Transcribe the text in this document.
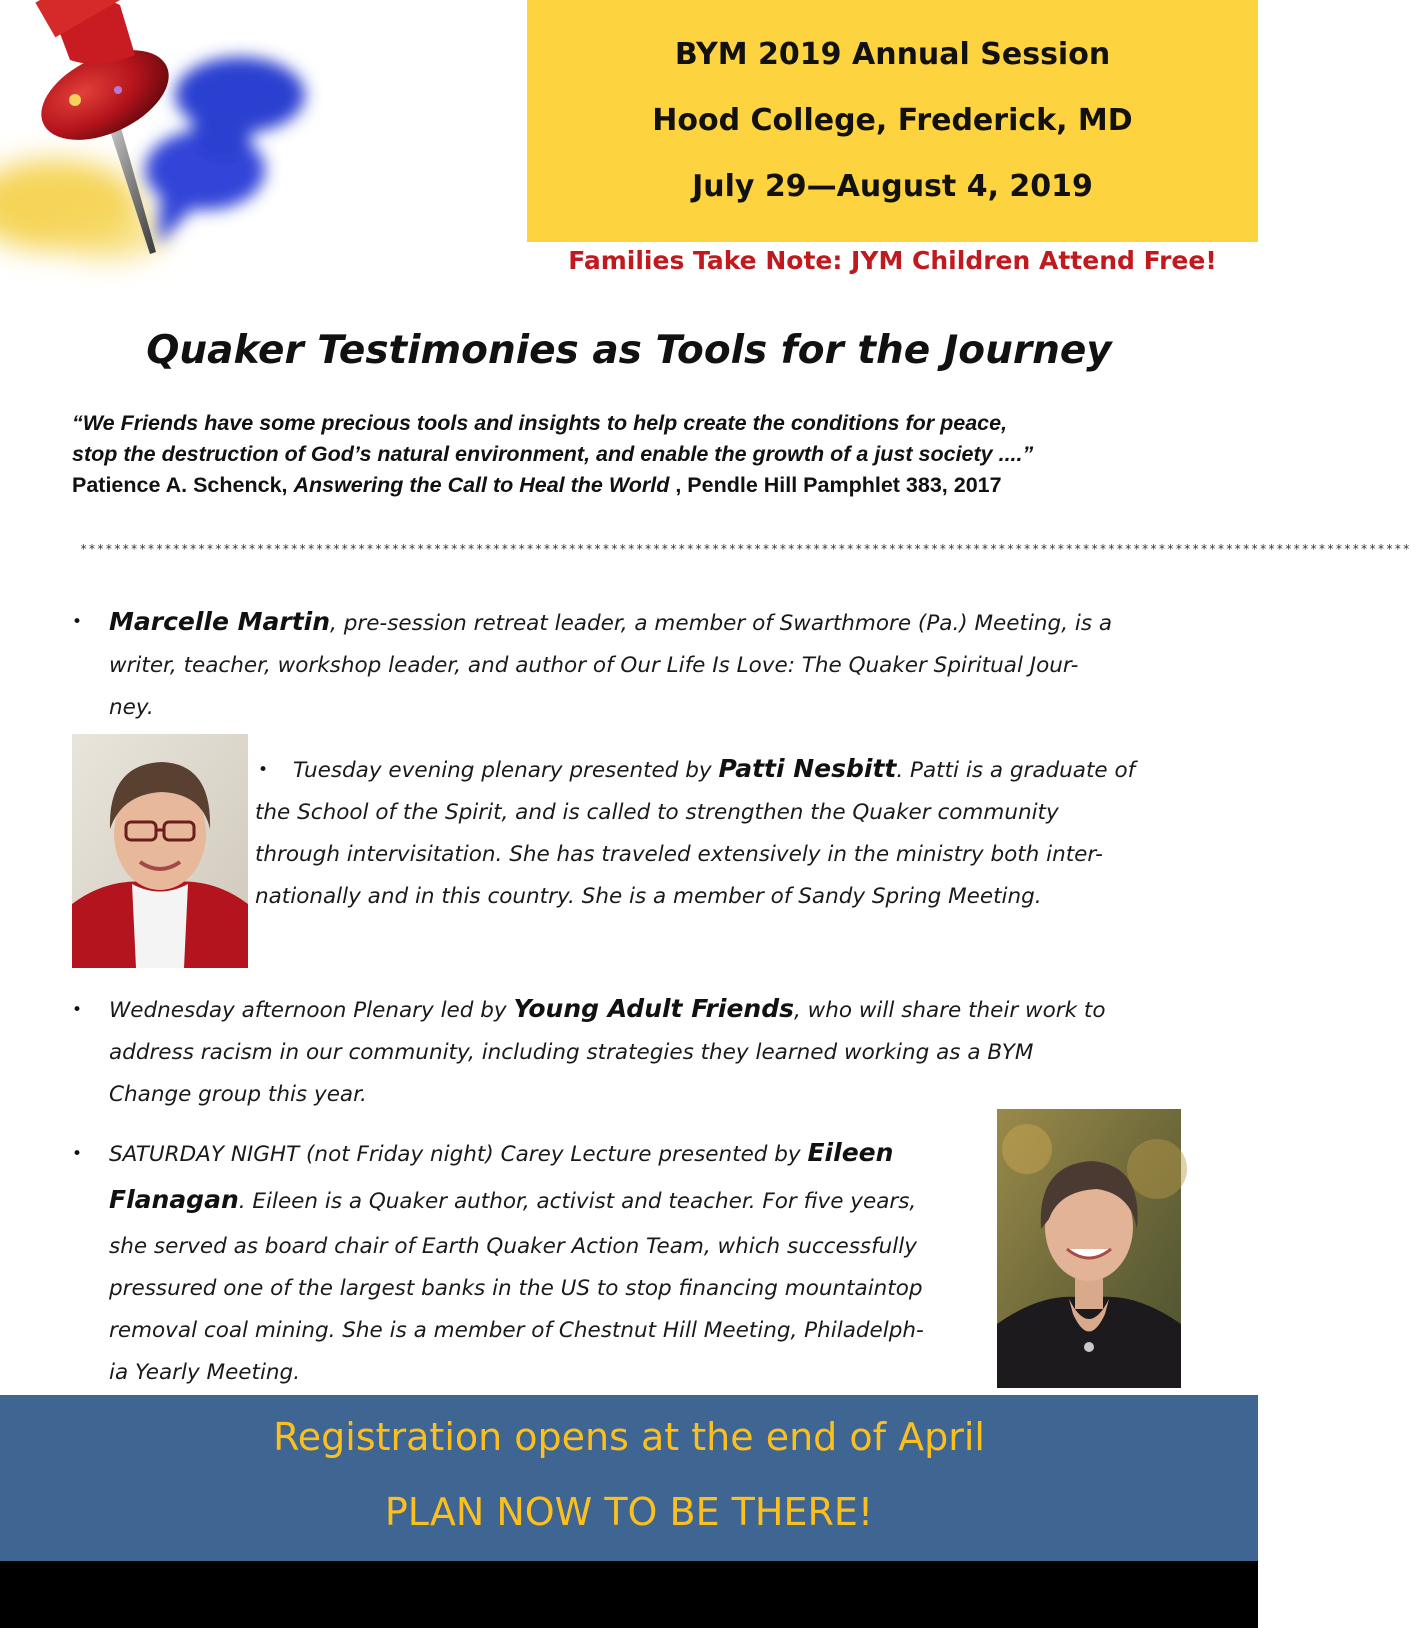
BYM 2019 Annual Session
Hood College, Frederick, MD
July 29—August 4, 2019
Families Take Note: JYM Children Attend Free!
Quaker Testimonies as Tools for the Journey
“We Friends have some precious tools and insights to help create the conditions for peace,
stop the destruction of God’s natural environment, and enable the growth of a just society ....”
Patience A. Schenck, Answering the Call to Heal the World , Pendle Hill Pamphlet 383, 2017
**************************************************************************************************************************************************************
• Marcelle Martin, pre-session retreat leader, a member of Swarthmore (Pa.) Meeting, is a
writer, teacher, workshop leader, and author of Our Life Is Love: The Quaker Spiritual Jour-
ney.
•	Tuesday evening plenary presented by Patti Nesbitt. Patti is a graduate of
the School of the Spirit, and is called to strengthen the Quaker community
through intervisitation. She has traveled extensively in the ministry both inter-
nationally and in this country. She is a member of Sandy Spring Meeting.
• Wednesday afternoon Plenary led by Young Adult Friends, who will share their work to
address racism in our community, including strategies they learned working as a BYM
Change group this year.
• SATURDAY NIGHT (not Friday night) Carey Lecture presented by Eileen
Flanagan. Eileen is a Quaker author, activist and teacher. For five years,
she served as board chair of Earth Quaker Action Team, which successfully
pressured one of the largest banks in the US to stop financing mountaintop
removal coal mining. She is a member of Chestnut Hill Meeting, Philadelph-
ia Yearly Meeting.
Registration opens at the end of April
PLAN NOW TO BE THERE!
